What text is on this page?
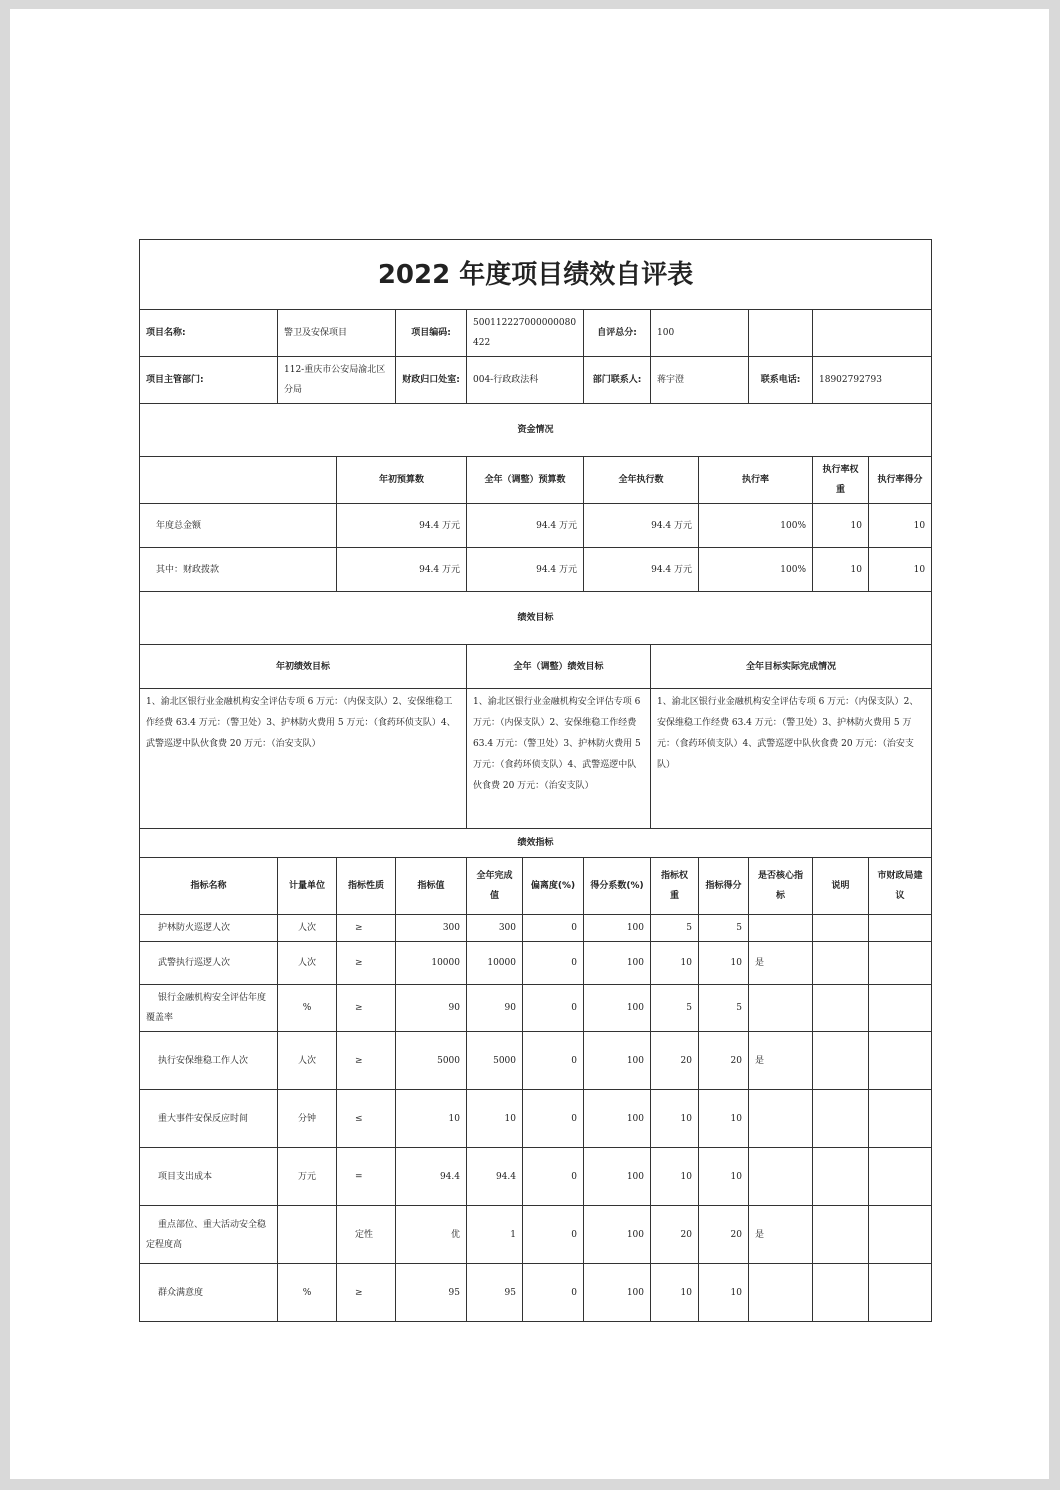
2022 年度项目绩效自评表											
项目名称:	警卫及安保项目		项目编码:	500112227000000080422		自评总分:	100				
项目主管部门:	112-重庆市公安局渝北区分局		财政归口处室:	004-行政政法科		部门联系人:	蒋宇澄		联系电话:	18902792793	
资金情况											
		年初预算数		全年（调整）预算数		全年执行数		执行率		执行率权重	执行率得分
年度总金额		94.4 万元		94.4 万元		94.4 万元		100%		10	10
其中：财政拨款		94.4 万元		94.4 万元		94.4 万元		100%		10	10
绩效目标											
年初绩效目标				全年（调整）绩效目标			全年目标实际完成情况				
1、渝北区银行业金融机构安全评估专项 6 万元：（内保支队）2、安保维稳工作经费 63.4 万元：（警卫处）3、护林防火费用 5 万元：（食药环侦支队）4、武警巡逻中队伙食费 20 万元：（治安支队）				1、渝北区银行业金融机构安全评估专项 6 万元：（内保支队）2、安保维稳工作经费 63.4 万元：（警卫处）3、护林防火费用 5 万元：（食药环侦支队）4、武警巡逻中队伙食费 20 万元：（治安支队）			1、渝北区银行业金融机构安全评估专项 6 万元：（内保支队）2、安保维稳工作经费 63.4 万元：（警卫处）3、护林防火费用 5 万元：（食药环侦支队）4、武警巡逻中队伙食费 20 万元：（治安支队）				
绩效指标											
指标名称	计量单位	指标性质	指标值	全年完成值	偏离度(%)	得分系数(%)	指标权重	指标得分	是否核心指标	说明	市财政局建议
护林防火巡逻人次	人次	≥	300	300	0	100	5	5			
武警执行巡逻人次	人次	≥	10000	10000	0	100	10	10	是		
银行金融机构安全评估年度覆盖率	%	≥	90	90	0	100	5	5			
执行安保维稳工作人次	人次	≥	5000	5000	0	100	20	20	是		
重大事件安保反应时间	分钟	≤	10	10	0	100	10	10			
项目支出成本	万元	=	94.4	94.4	0	100	10	10			
重点部位、重大活动安全稳定程度高		定性	优	1	0	100	20	20	是		
群众满意度	%	≥	95	95	0	100	10	10			
